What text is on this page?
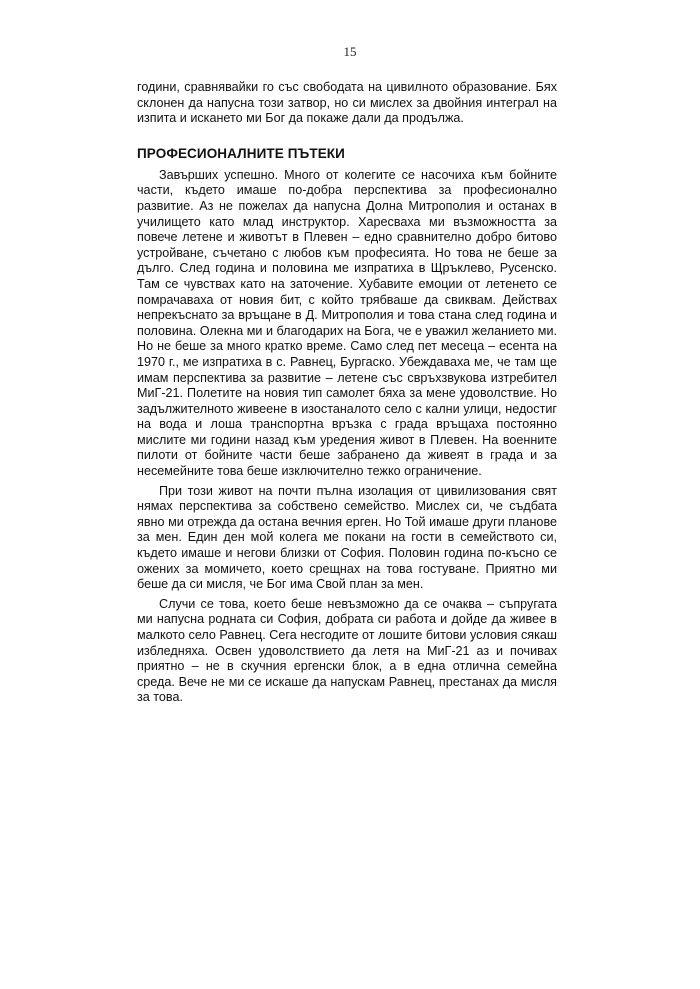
15

години, сравнявайки го със свободата на цивилното образование. Бях склонен да напусна този затвор, но си мислех за двойния интеграл на изпита и искането ми Бог да покаже дали да продължа.

ПРОФЕСИОНАЛНИТЕ ПЪТЕКИ

Завърших успешно. Много от колегите се насочиха към бойните части, където имаше по-добра перспектива за професионално развитие. Аз не пожелах да напусна Долна Митрополия и останах в училището като млад инструктор. Харесваха ми възможността за повече летене и животът в Плевен – едно сравнително добро битово устройване, съчетано с любов към професията. Но това не беше за дълго. След година и половина ме изпратиха в Щръклево, Русенско. Там се чувствах като на заточение. Хубавите емоции от летенето се помрачаваха от новия бит, с който трябваше да свиквам. Действах непрекъснато за връщане в Д. Митрополия и това стана след година и половина. Олекна ми и благодарих на Бога, че е уважил желанието ми. Но не беше за много кратко време. Само след пет месеца – есента на 1970 г., ме изпратиха в с. Равнец, Бургаско. Убеждаваха ме, че там ще имам перспектива за развитие – летене със свръхзвукова изтребител МиГ-21. Полетите на новия тип самолет бяха за мене удоволствие. Но задължителното живеене в изостаналото село с кални улици, недостиг на вода и лоша транспортна връзка с града връщаха постоянно мислите ми години назад към уредения живот в Плевен. На военните пилоти от бойните части беше забранено да живеят в града и за несемейните това беше изключително тежко ограничение.

При този живот на почти пълна изолация от цивилизования свят нямах перспектива за собствено семейство. Мислех си, че съдбата явно ми отрежда да остана вечния ерген. Но Той имаше други планове за мен. Един ден мой колега ме покани на гости в семейството си, където имаше и негови близки от София. Половин година по-късно се ожених за момичето, което срещнах на това гостуване. Приятно ми беше да си мисля, че Бог има Свой план за мен.

Случи се това, което беше невъзможно да се очаква – съпругата ми напусна родната си София, добрата си работа и дойде да живее в малкото село Равнец. Сега несгодите от лошите битови условия сякаш избледняха. Освен удоволствието да летя на МиГ-21 аз и почивах приятно – не в скучния ергенски блок, а в една отлична семейна среда. Вече не ми се искаше да напускам Равнец, престанах да мисля за това.
